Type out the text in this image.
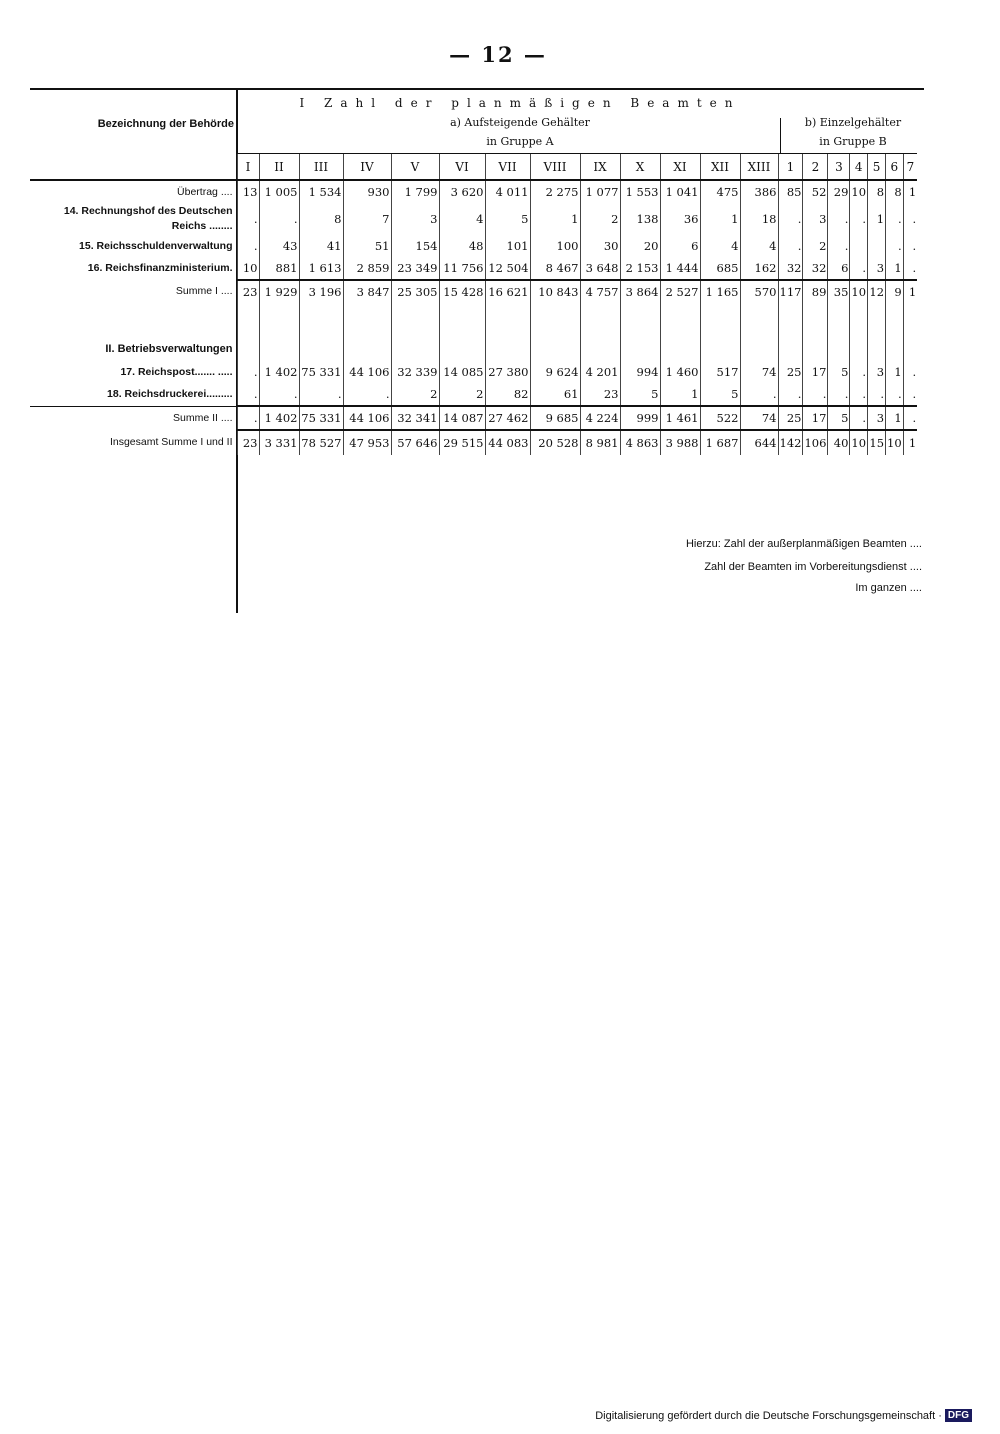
— 12 —
Bezeichnung der Behörde
I Zahl der planmäßigen Beamten
a) Aufsteigende Gehälter
in Gruppe A
b) Einzelgehälter
in Gruppe B
	I	II	III	IV	V	VI	VII	VIII	IX	X	XI	XII	XIII	1	2	3	4	5	6	7
Übertrag ....	13	1 005	1 534	930	1 799	3 620	4 011	2 275	1 077	1 553	1 041	475	386	85	52	29	10	8	8	1
14. Rechnungshof des Deutschen Reichs ........	.	.	8	7	3	4	5	1	2	138	36	1	18	.	3	.	.	1	.	.
15. Reichsschuldenverwaltung	.	43	41	51	154	48	101	100	30	20	6	4	4	.	2	.			.	.
16. Reichsfinanzministerium.	10	881	1 613	2 859	23 349	11 756	12 504	8 467	3 648	2 153	1 444	685	162	32	32	6	.	3	1	.
Summe I ....	23	1 929	3 196	3 847	25 305	15 428	16 621	10 843	4 757	3 864	2 527	1 165	570	117	89	35	10	12	9	1

II. Betriebsverwaltungen																				
17. Reichspost....... .....	.	1 402	75 331	44 106	32 339	14 085	27 380	9 624	4 201	994	1 460	517	74	25	17	5	.	3	1	.
18. Reichsdruckerei.........	.	.	.	.	2	2	82	61	23	5	1	5	.	.	.	.	.	.	.	.
Summe II ....	.	1 402	75 331	44 106	32 341	14 087	27 462	9 685	4 224	999	1 461	522	74	25	17	5	.	3	1	.
Insgesamt Summe I und II	23	3 331	78 527	47 953	57 646	29 515	44 083	20 528	8 981	4 863	3 988	1 687	644	142	106	40	10	15	10	1
Hierzu: Zahl der außerplanmäßigen Beamten ....
Zahl der Beamten im Vorbereitungsdienst ....
Im ganzen ....
Digitalisierung gefördert durch die Deutsche Forschungsgemeinschaft · DFG
